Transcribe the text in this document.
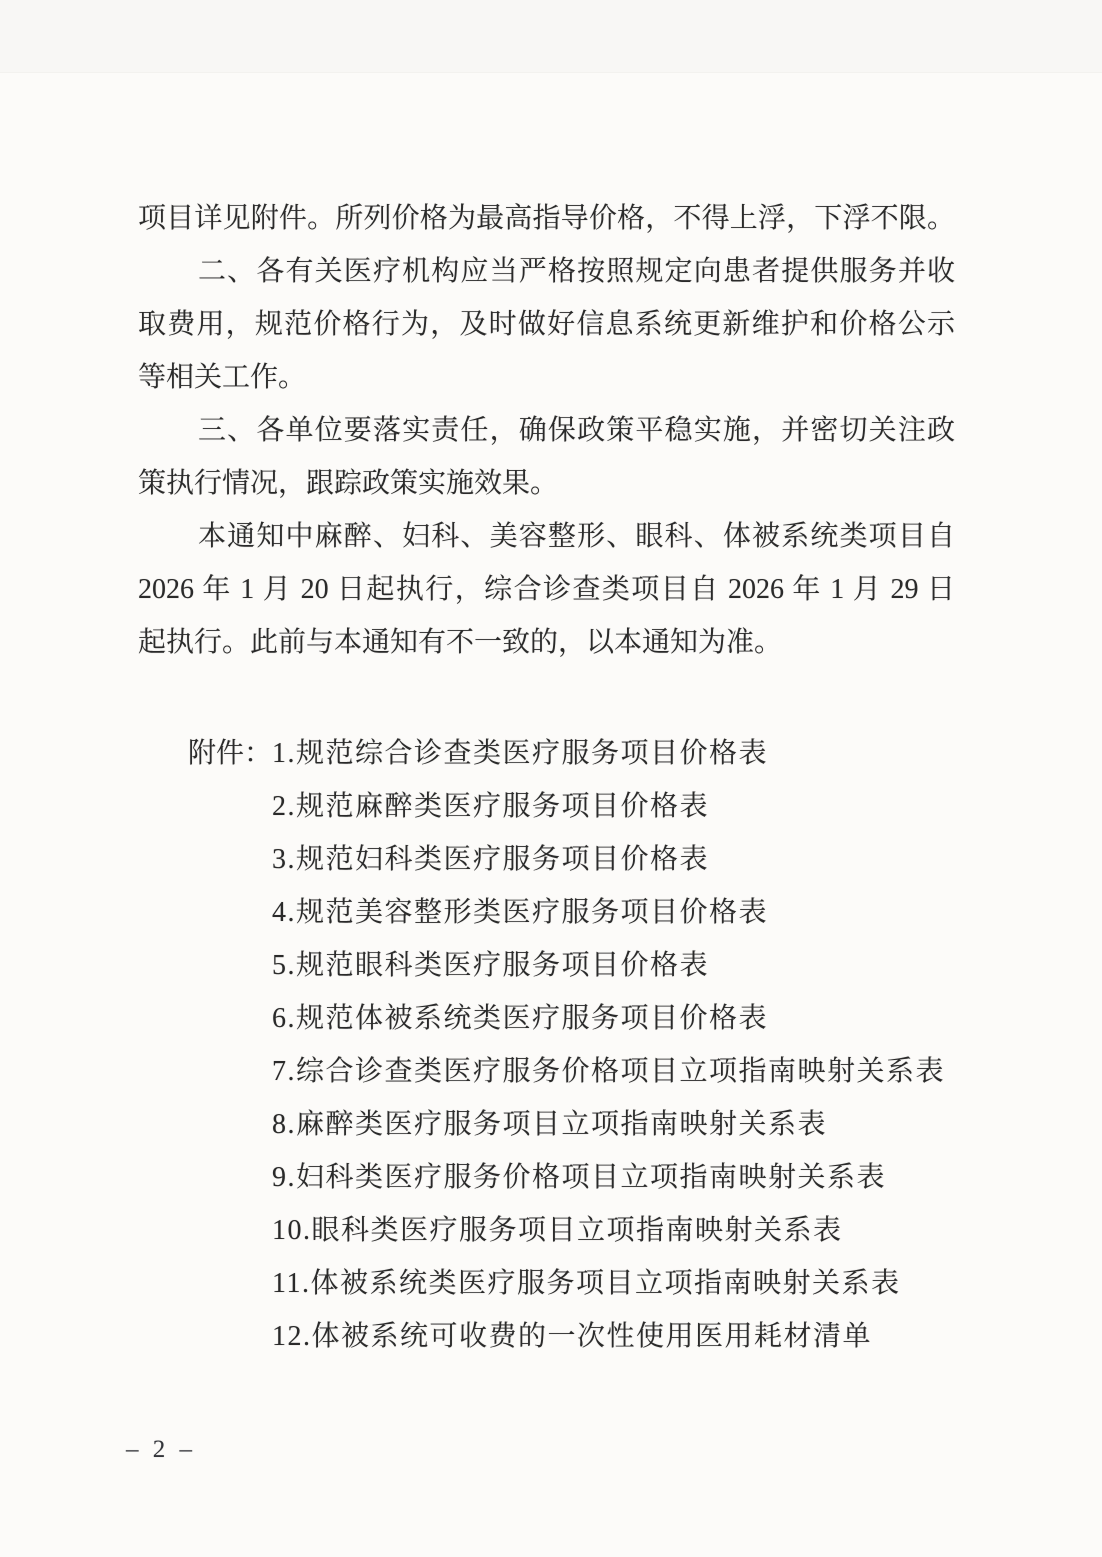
项目详见附件。所列价格为最高指导价格，不得上浮，下浮不限。
二、各有关医疗机构应当严格按照规定向患者提供服务并收
取费用，规范价格行为，及时做好信息系统更新维护和价格公示
等相关工作。
三、各单位要落实责任，确保政策平稳实施，并密切关注政
策执行情况，跟踪政策实施效果。
本通知中麻醉、妇科、美容整形、眼科、体被系统类项目自
2026 年 1 月 20 日起执行，综合诊查类项目自 2026 年 1 月 29 日
起执行。此前与本通知有不一致的，以本通知为准。
附件： 1.规范综合诊查类医疗服务项目价格表
2.规范麻醉类医疗服务项目价格表
3.规范妇科类医疗服务项目价格表
4.规范美容整形类医疗服务项目价格表
5.规范眼科类医疗服务项目价格表
6.规范体被系统类医疗服务项目价格表
7.综合诊查类医疗服务价格项目立项指南映射关系表
8.麻醉类医疗服务项目立项指南映射关系表
9.妇科类医疗服务价格项目立项指南映射关系表
10.眼科类医疗服务项目立项指南映射关系表
11.体被系统类医疗服务项目立项指南映射关系表
12.体被系统可收费的一次性使用医用耗材清单
– 2 –
